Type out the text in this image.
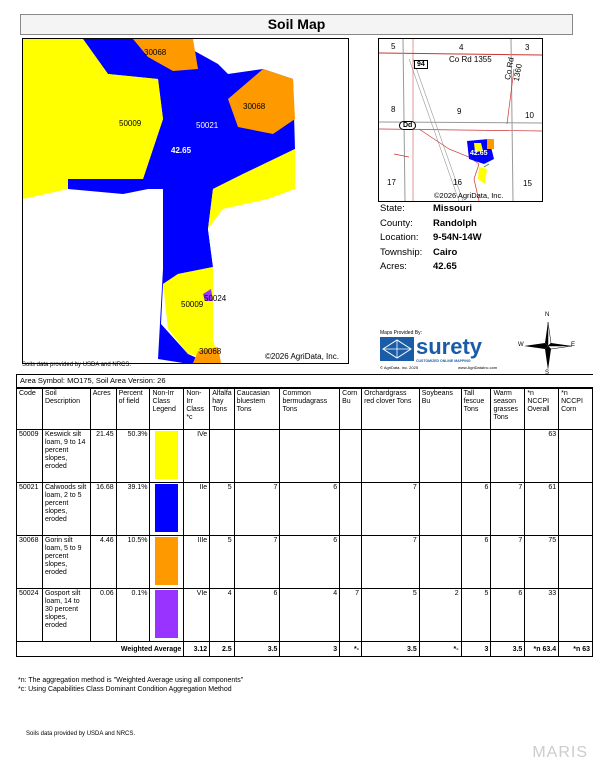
Soil Map
30068
30068
50009	50021
42.65
50024
50009
30068
©2026 AgriData, Inc.
Soils data provided by USDA and NRCS.
5	4	3
Co Rd 1355 Co Rd 1360
94
8	9	10
Dd
42.65
17	16	15
©2026 AgriData, Inc.
State:	Missouri
County:	Randolph
Location:	9-54N-14W
Township:	Cairo
Acres:	42.65
Maps Provided By:
surety
CUSTOMIZED ONLINE MAPPING
© AgriData, Inc. 2025	www.AgriDataInc.com
N
S
E
W
Area Symbol: MO175, Soil Area Version: 26
Code	Soil Description	Acres	Percent of field	Non-Irr Class Legend	Non-Irr Class *c	Alfalfa hay Tons	Caucasian bluestem Tons	Common bermudagrass Tons	Corn Bu	Orchardgrass red clover Tons	Soybeans Bu	Tall fescue Tons	Warm season grasses Tons	*n NCCPI Overall	*n NCCPI Corn
50009	Keswick silt loam, 9 to 14 percent slopes, eroded	21.45	50.3%		IVe									63	
50021	Calwoods silt loam, 2 to 5 percent slopes, eroded	16.68	39.1%		IIe	5	7	6		7		6	7	61	
30068	Gorin silt loam, 5 to 9 percent slopes, eroded	4.46	10.5%		IIIe	5	7	6		7		6	7	75	
50024	Gosport silt loam, 14 to 30 percent slopes, eroded	0.06	0.1%		VIe	4	6	4	7	5	2	5	6	33	
Weighted Average					3.12	2.5	3.5	3	*-	3.5	*-	3	3.5	*n 63.4	*n 63
*n: The aggregation method is "Weighted Average using all components"
*c: Using Capabilities Class Dominant Condition Aggregation Method
Soils data provided by USDA and NRCS.
MARIS
